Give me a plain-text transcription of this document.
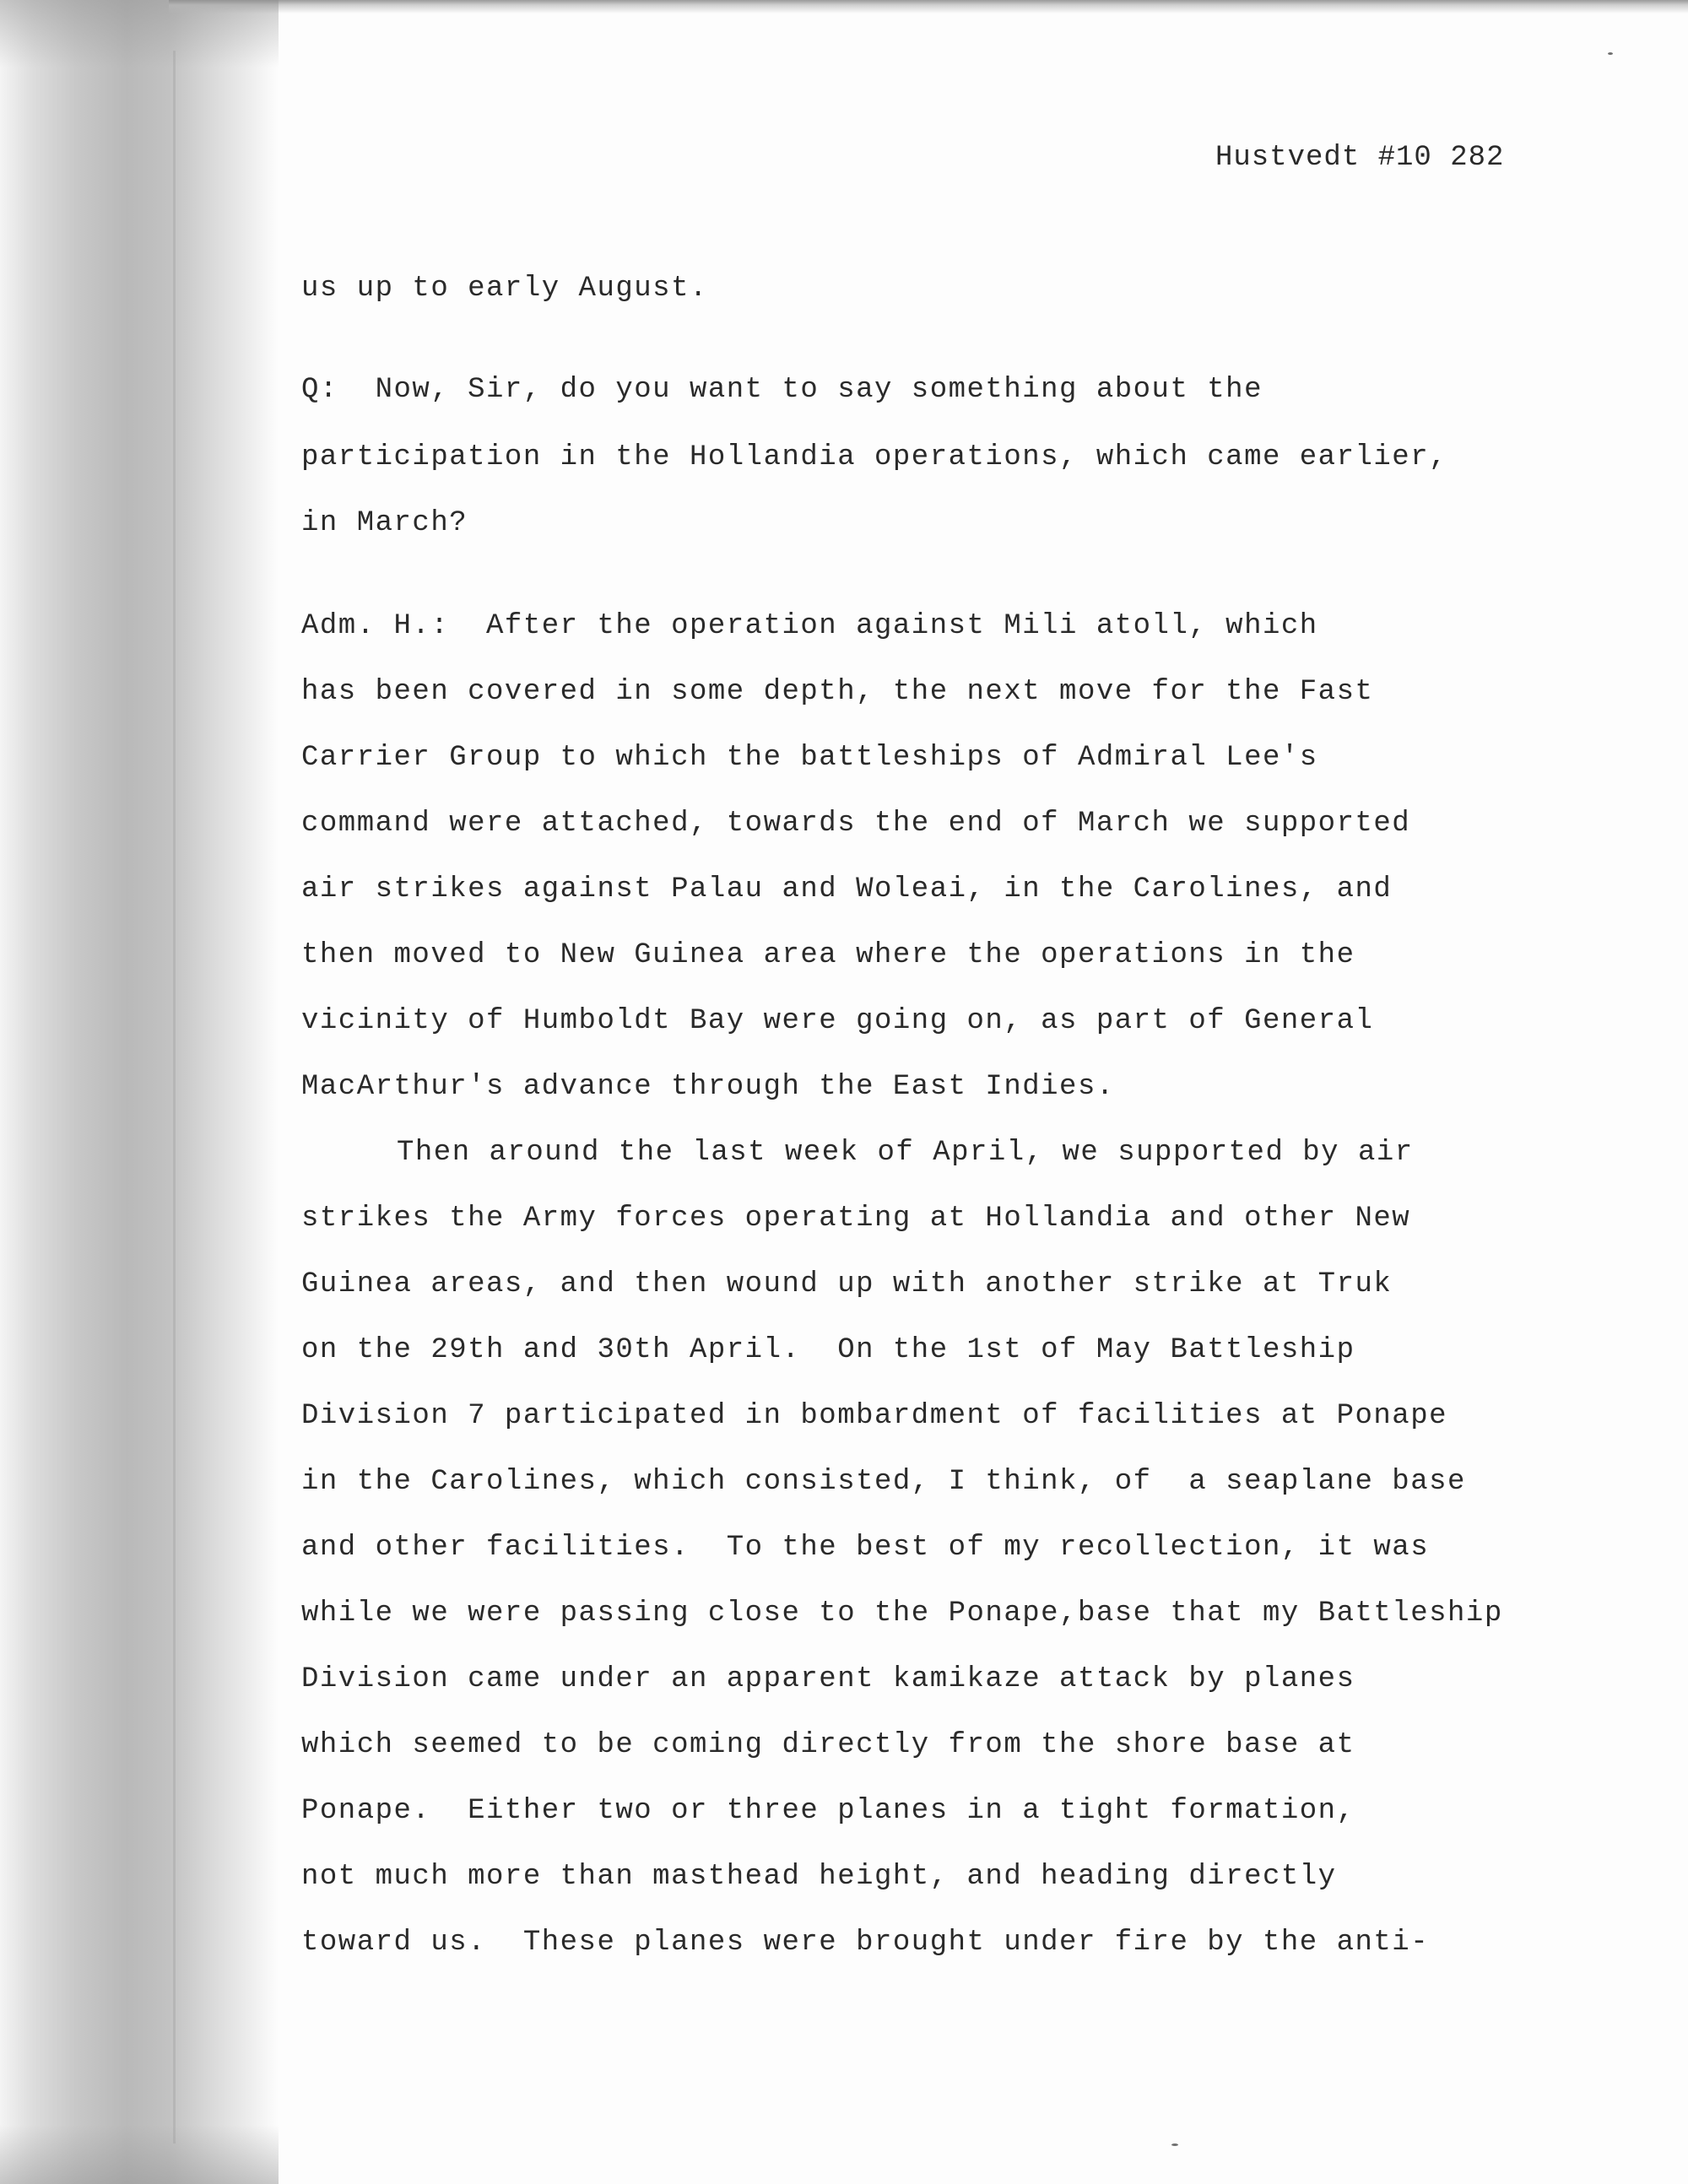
Hustvedt #10 282
us up to early August.
Q:  Now, Sir, do you want to say something about the
participation in the Hollandia operations, which came earlier,
in March?
Adm. H.:  After the operation against Mili atoll, which
has been covered in some depth, the next move for the Fast
Carrier Group to which the battleships of Admiral Lee's
command were attached, towards the end of March we supported
air strikes against Palau and Woleai, in the Carolines, and
then moved to New Guinea area where the operations in the
vicinity of Humboldt Bay were going on, as part of General
MacArthur's advance through the East Indies.
Then around the last week of April, we supported by air
strikes the Army forces operating at Hollandia and other New
Guinea areas, and then wound up with another strike at Truk
on the 29th and 30th April.  On the 1st of May Battleship
Division 7 participated in bombardment of facilities at Ponape
in the Carolines, which consisted, I think, of  a seaplane base
and other facilities.  To the best of my recollection, it was
while we were passing close to the Ponape,base that my Battleship
Division came under an apparent kamikaze attack by planes
which seemed to be coming directly from the shore base at
Ponape.  Either two or three planes in a tight formation,
not much more than masthead height, and heading directly
toward us.  These planes were brought under fire by the anti-
